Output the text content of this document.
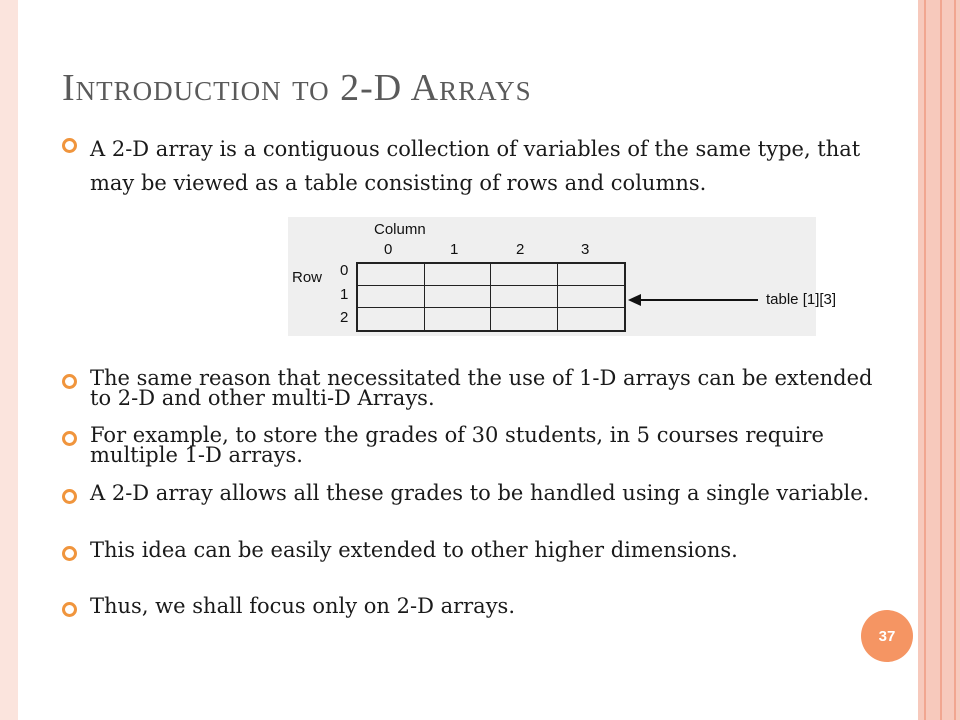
Introduction to 2-D Arrays
A 2-D array is a contiguous collection of variables of the same type, that may be viewed as a table consisting of rows and columns.
Column
0	1	2	3
Row 0
1
2
table [1][3]
The same reason that necessitated the use of 1-D arrays can be extended to 2-D and other multi-D Arrays.
For example, to store the grades of 30 students, in 5 courses require multiple 1-D arrays.
A 2-D array allows all these grades to be handled using a single variable.
This idea can be easily extended to other higher dimensions.
Thus, we shall focus only on 2-D arrays.
37
